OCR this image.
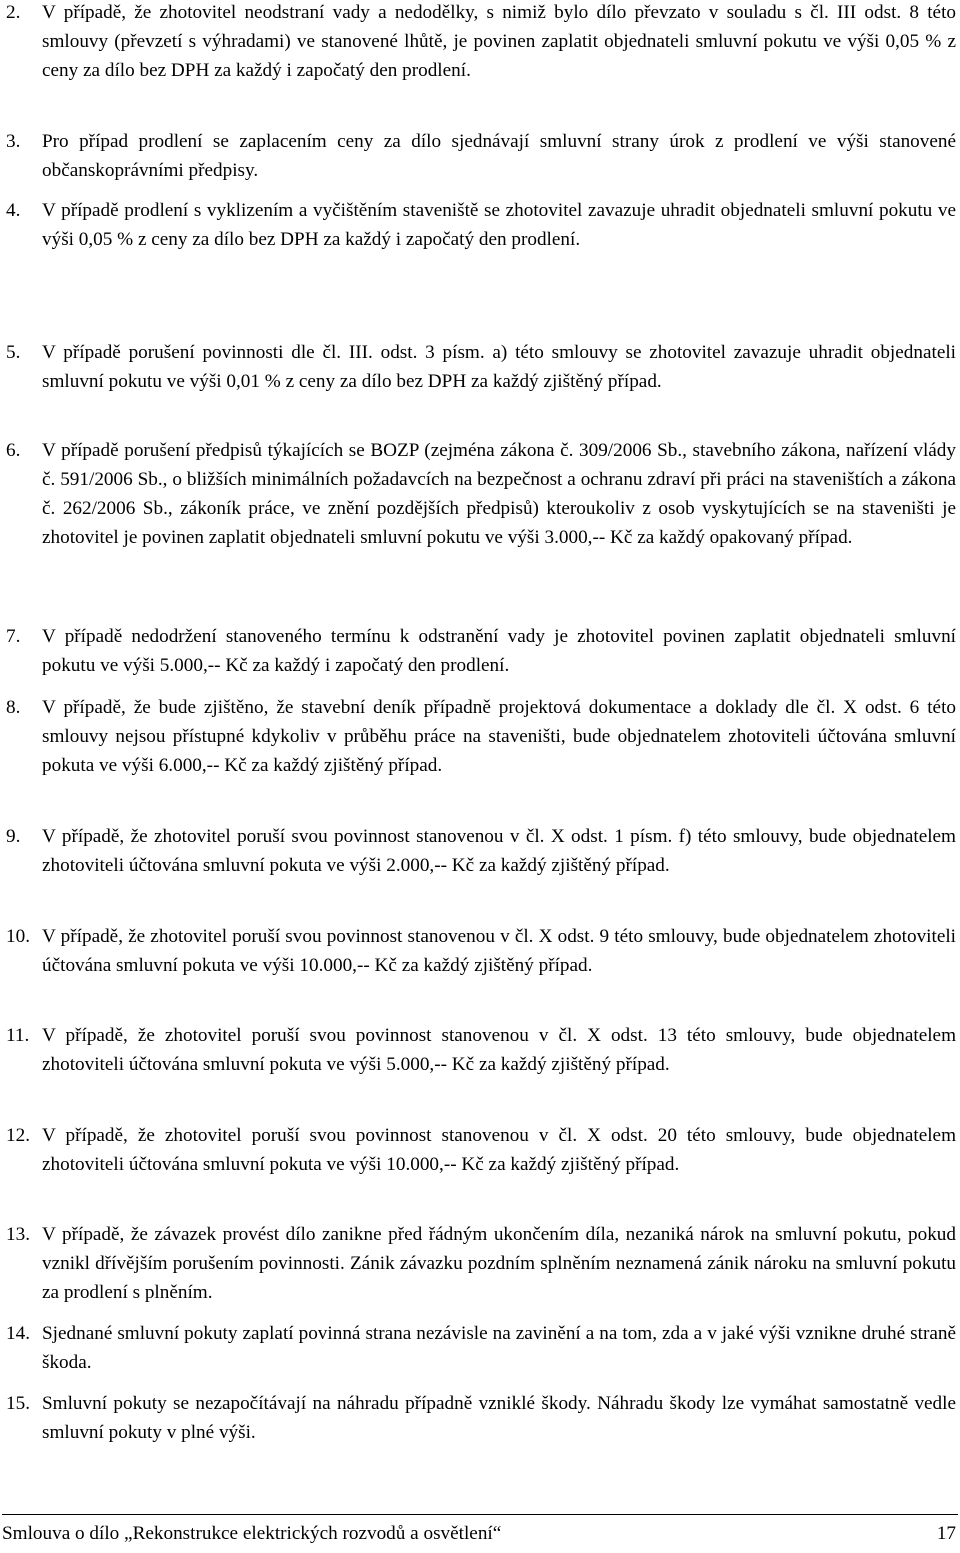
2.	V případě, že zhotovitel neodstraní vady a nedodělky, s nimiž bylo dílo převzato v souladu s čl. III odst. 8 této smlouvy (převzetí s výhradami) ve stanovené lhůtě, je povinen zaplatit objednateli smluvní pokutu ve výši 0,05 % z ceny za dílo bez DPH za každý i započatý den prodlení.
3.	Pro případ prodlení se zaplacením ceny za dílo sjednávají smluvní strany úrok z prodlení ve výši stanovené občanskoprávními předpisy.
4.	V případě prodlení s vyklizením a vyčištěním staveniště se zhotovitel zavazuje uhradit objednateli smluvní pokutu ve výši 0,05 % z ceny za dílo bez DPH za každý i započatý den prodlení.
5.	V případě porušení povinnosti dle čl. III. odst. 3 písm. a) této smlouvy se zhotovitel zavazuje uhradit objednateli smluvní pokutu ve výši 0,01 % z ceny za dílo bez DPH za každý zjištěný případ.
6.	V případě porušení předpisů týkajících se BOZP (zejména zákona č. 309/2006 Sb., stavebního zákona, nařízení vlády č. 591/2006 Sb., o bližších minimálních požadavcích na bezpečnost a ochranu zdraví při práci na staveništích a zákona č. 262/2006 Sb., zákoník práce, ve znění pozdějších předpisů) kteroukoliv z osob vyskytujících se na staveništi je zhotovitel je povinen zaplatit objednateli smluvní pokutu ve výši 3.000,-- Kč za každý opakovaný případ.
7.	V případě nedodržení stanoveného termínu k odstranění vady je zhotovitel povinen zaplatit objednateli smluvní pokutu ve výši 5.000,-- Kč za každý i započatý den prodlení.
8.	V případě, že bude zjištěno, že stavební deník případně projektová dokumentace a doklady dle čl. X odst. 6 této smlouvy nejsou přístupné kdykoliv v průběhu práce na staveništi, bude objednatelem zhotoviteli účtována smluvní pokuta ve výši 6.000,-- Kč za každý zjištěný případ.
9.	V případě, že zhotovitel poruší svou povinnost stanovenou v čl. X odst. 1 písm. f) této smlouvy, bude objednatelem zhotoviteli účtována smluvní pokuta ve výši 2.000,-- Kč za každý zjištěný případ.
10. V případě, že zhotovitel poruší svou povinnost stanovenou v čl. X odst. 9 této smlouvy, bude objednatelem zhotoviteli účtována smluvní pokuta ve výši 10.000,-- Kč za každý zjištěný případ.
11. V případě, že zhotovitel poruší svou povinnost stanovenou v čl. X odst. 13 této smlouvy, bude objednatelem zhotoviteli účtována smluvní pokuta ve výši 5.000,-- Kč za každý zjištěný případ.
12. V případě, že zhotovitel poruší svou povinnost stanovenou v čl. X odst. 20 této smlouvy, bude objednatelem zhotoviteli účtována smluvní pokuta ve výši 10.000,-- Kč za každý zjištěný případ.
13. V případě, že závazek provést dílo zanikne před řádným ukončením díla, nezaniká nárok na smluvní pokutu, pokud vznikl dřívějším porušením povinnosti. Zánik závazku pozdním splněním neznamená zánik nároku na smluvní pokutu za prodlení s plněním.
14. Sjednané smluvní pokuty zaplatí povinná strana nezávisle na zavinění a na tom, zda a v jaké výši vznikne druhé straně škoda.
15. Smluvní pokuty se nezapočítávají na náhradu případně vzniklé škody. Náhradu škody lze vymáhat samostatně vedle smluvní pokuty v plné výši.
Smlouva o dílo „Rekonstrukce elektrických rozvodů a osvětlení“	17
